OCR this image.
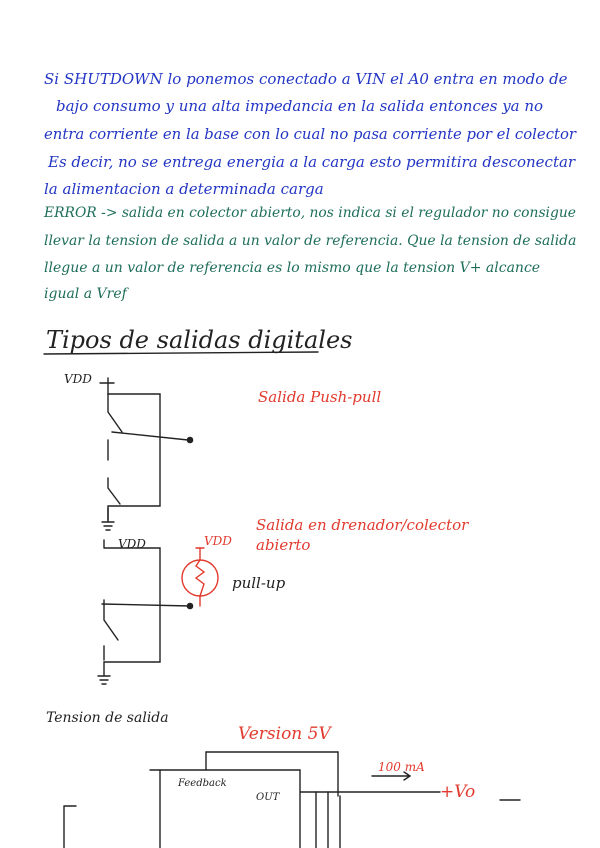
Si SHUTDOWN lo ponemos conectado a VIN el A0 entra en modo de
bajo consumo y una alta impedancia en la salida entonces ya no
entra corriente en la base con lo cual no pasa corriente por el colector
Es decir, no se entrega energia a la carga esto permitira desconectar
la alimentacion a determinada carga
ERROR -> salida en colector abierto, nos indica si el regulador no consigue
llevar la tension de salida a un valor de referencia. Que la tension de salida
llegue a un valor de referencia es lo mismo que la tension V+ alcance
igual a Vref
Tipos de salidas digitales
VDD
Salida Push-pull
VDD	VDD
pull-up
Salida en drenador/colector
abierto
Tension de salida
Version 5V
100 mA
Feedback
OUT	+Vo
